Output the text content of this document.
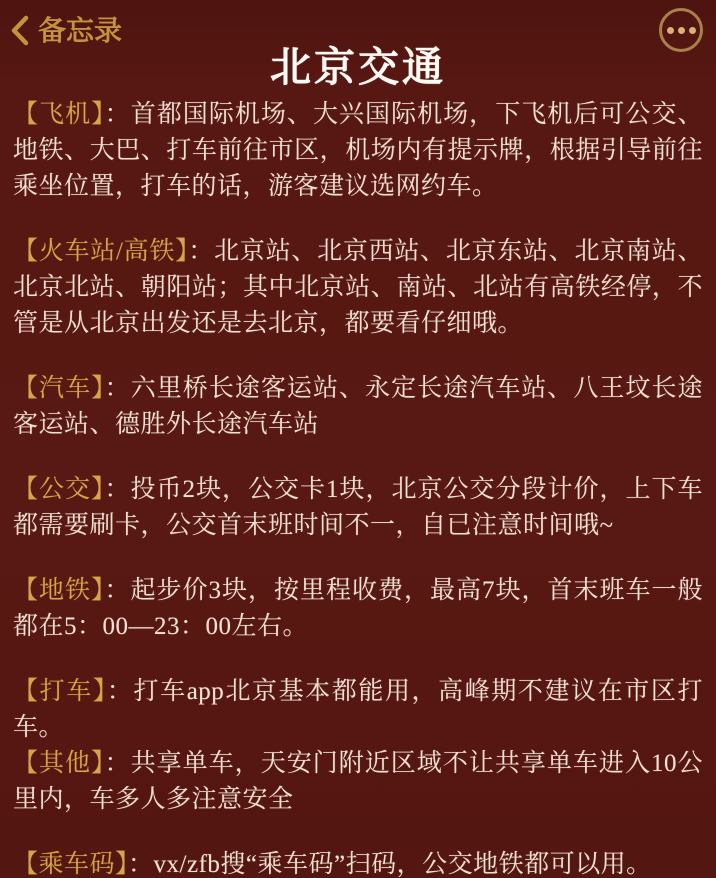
备忘录
北京交通

【飞机】：首都国际机场、大兴国际机场，下飞机后可公交、地铁、大巴、打车前往市区，机场内有提示牌，根据引导前往乘坐位置，打车的话，游客建议选网约车。

【火车站/高铁】：北京站、北京西站、北京东站、北京南站、北京北站、朝阳站；其中北京站、南站、北站有高铁经停，不管是从北京出发还是去北京，都要看仔细哦。

【汽车】：六里桥长途客运站、永定长途汽车站、八王坟长途客运站、德胜外长途汽车站

【公交】：投币2块，公交卡1块，北京公交分段计价，上下车都需要刷卡，公交首末班时间不一，自已注意时间哦~

【地铁】：起步价3块，按里程收费，最高7块，首末班车一般都在5：00—23：00左右。

【打车】：打车app北京基本都能用，高峰期不建议在市区打车。

【其他】：共享单车，天安门附近区域不让共享单车进入10公里内，车多人多注意安全

【乘车码】：vx/zfb搜“乘车码”扫码，公交地铁都可以用。
